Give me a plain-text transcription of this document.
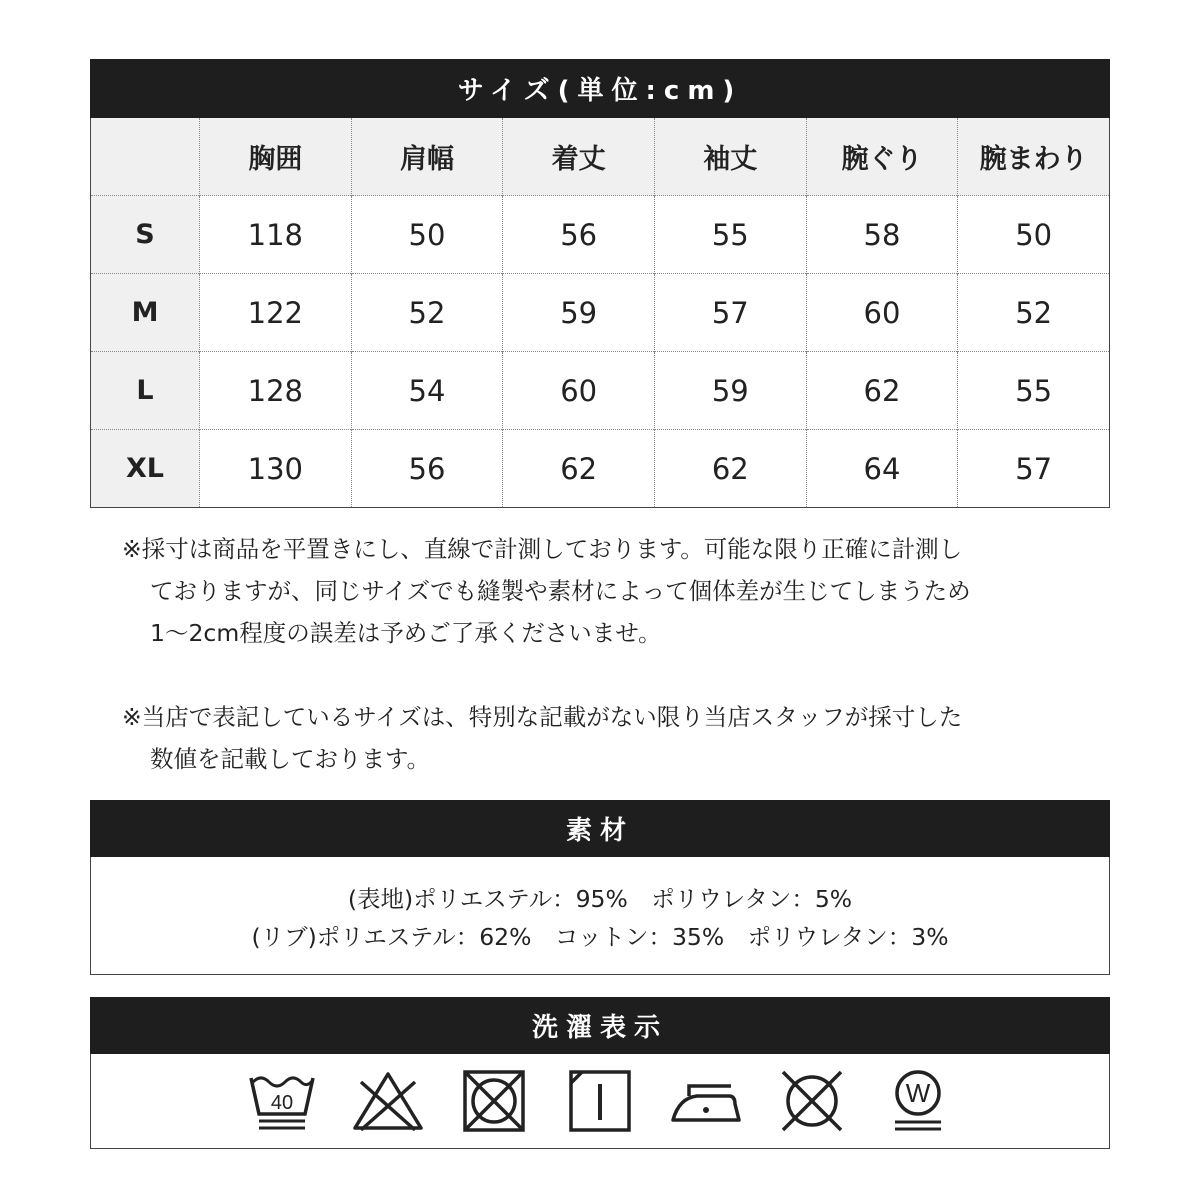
サイズ(単位:cm)
	胸囲	肩幅	着丈	袖丈	腕ぐり	腕まわり
S	118	50	56	55	58	50
M	122	52	59	57	60	52
L	128	54	60	59	62	55
XL	130	56	62	62	64	57

※採寸は商品を平置きにし、直線で計測しております。可能な限り正確に計測し
ておりますが、同じサイズでも縫製や素材によって個体差が生じてしまうため
1～2cm程度の誤差は予めご了承くださいませ。

※当店で表記しているサイズは、特別な記載がない限り当店スタッフが採寸した
数値を記載しております。

素材
(表地)ポリエステル：95%　ポリウレタン：5%
(リブ)ポリエステル：62%　コットン：35%　ポリウレタン：3%
洗濯表示
40	W
